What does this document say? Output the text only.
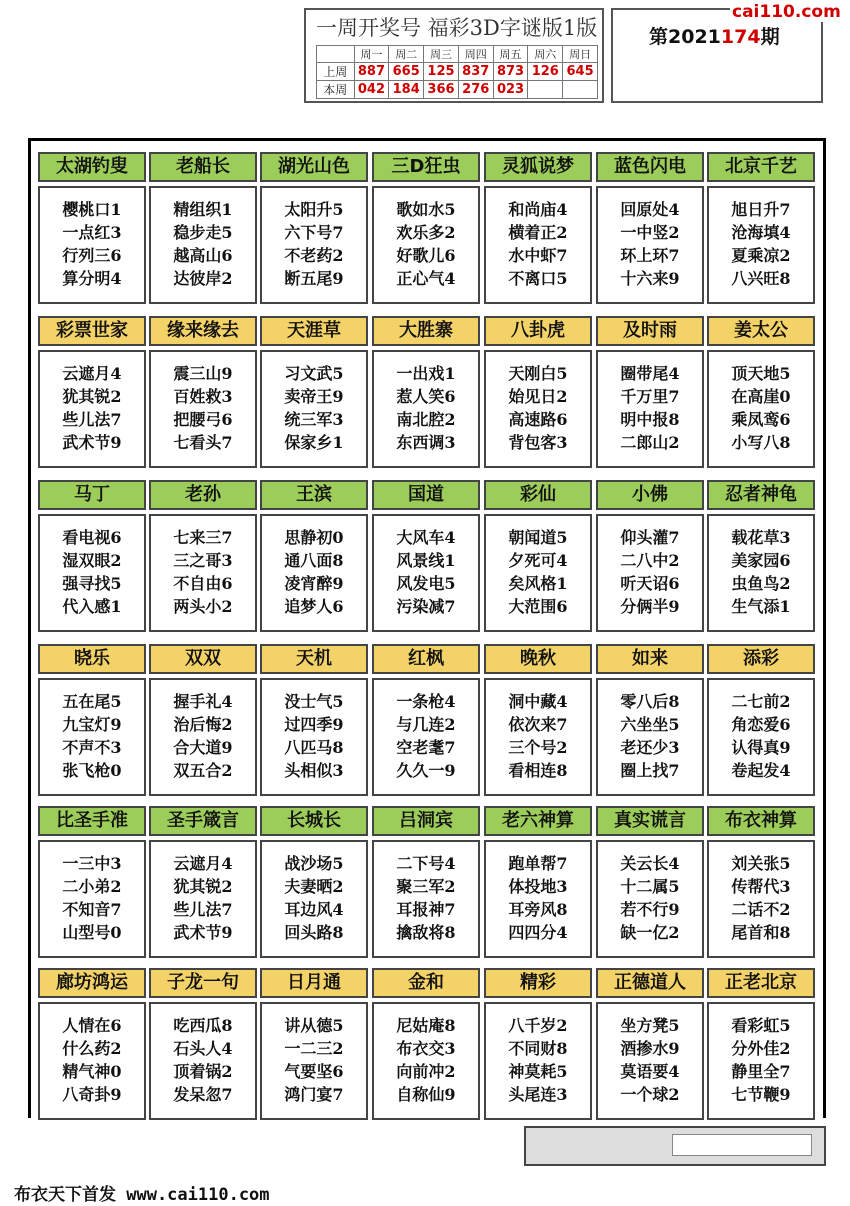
一周开奖号 福彩3D字谜版1版
	周一	周二	周三	周四	周五	周六	周日
上周	887	665	125	837	873	126	645
本周	042	184	366	276	023		
第2021174期
cai110.com
太湖钓叟
樱桃口1
一点红3
行列三6
算分明4
老船长
精组织1
稳步走5
越高山6
达彼岸2
湖光山色
太阳升5
六下号7
不老药2
断五尾9
三D狂虫
歌如水5
欢乐多2
好歌儿6
正心气4
灵狐说梦
和尚庙4
横着正2
水中虾7
不离口5
蓝色闪电
回原处4
一中竖2
环上环7
十六来9
北京千艺
旭日升7
沧海填4
夏乘凉2
八兴旺8
彩票世家
云遮月4
犹其锐2
些儿法7
武术节9
缘来缘去
震三山9
百姓救3
把腰弓6
七看头7
天涯草
习文武5
卖帝王9
统三军3
保家乡1
大胜寨
一出戏1
惹人笑6
南北腔2
东西调3
八卦虎
天刚白5
始见日2
高速路6
背包客3
及时雨
圈带尾4
千万里7
明中报8
二郎山2
姜太公
顶天地5
在高崖0
乘凤鸾6
小写八8
马丁
看电视6
湿双眼2
强寻找5
代入感1
老孙
七来三7
三之哥3
不自由6
两头小2
王滨
思静初0
通八面8
凌宵醉9
追梦人6
国道
大风车4
风景线1
风发电5
污染减7
彩仙
朝闻道5
夕死可4
矣风格1
大范围6
小佛
仰头灌7
二八中2
听天诏6
分俩半9
忍者神龟
载花草3
美家园6
虫鱼鸟2
生气添1
晓乐
五在尾5
九宝灯9
不声不3
张飞枪0
双双
握手礼4
治后悔2
合大道9
双五合2
天机
没士气5
过四季9
八匹马8
头相似3
红枫
一条枪4
与几连2
空老耄7
久久一9
晚秋
洞中藏4
依次来7
三个号2
看相连8
如来
零八后8
六坐坐5
老还少3
圈上找7
添彩
二七前2
角恋爱6
认得真9
卷起发4
比圣手准
一三中3
二小弟2
不知音7
山型号0
圣手箴言
云遮月4
犹其锐2
些儿法7
武术节9
长城长
战沙场5
夫妻晒2
耳边风4
回头路8
吕洞宾
二下号4
聚三军2
耳报神7
擒敌将8
老六神算
跑单帮7
体投地3
耳旁风8
四四分4
真实谎言
关云长4
十二属5
若不行9
缺一亿2
布衣神算
刘关张5
传帮代3
二话不2
尾首和8
廊坊鸿运
人情在6
什么药2
精气神0
八奇卦9
子龙一句
吃西瓜8
石头人4
顶着锅2
发呆忽7
日月通
讲从德5
一二三2
气要坚6
鸿门宴7
金和
尼姑庵8
布衣交3
向前冲2
自称仙9
精彩
八千岁2
不同财8
神莫耗5
头尾连3
正德道人
坐方凳5
酒掺水9
莫语要4
一个球2
正老北京
看彩虹5
分外佳2
静里全7
七节鞭9
布衣天下首发 www.cai110.com
